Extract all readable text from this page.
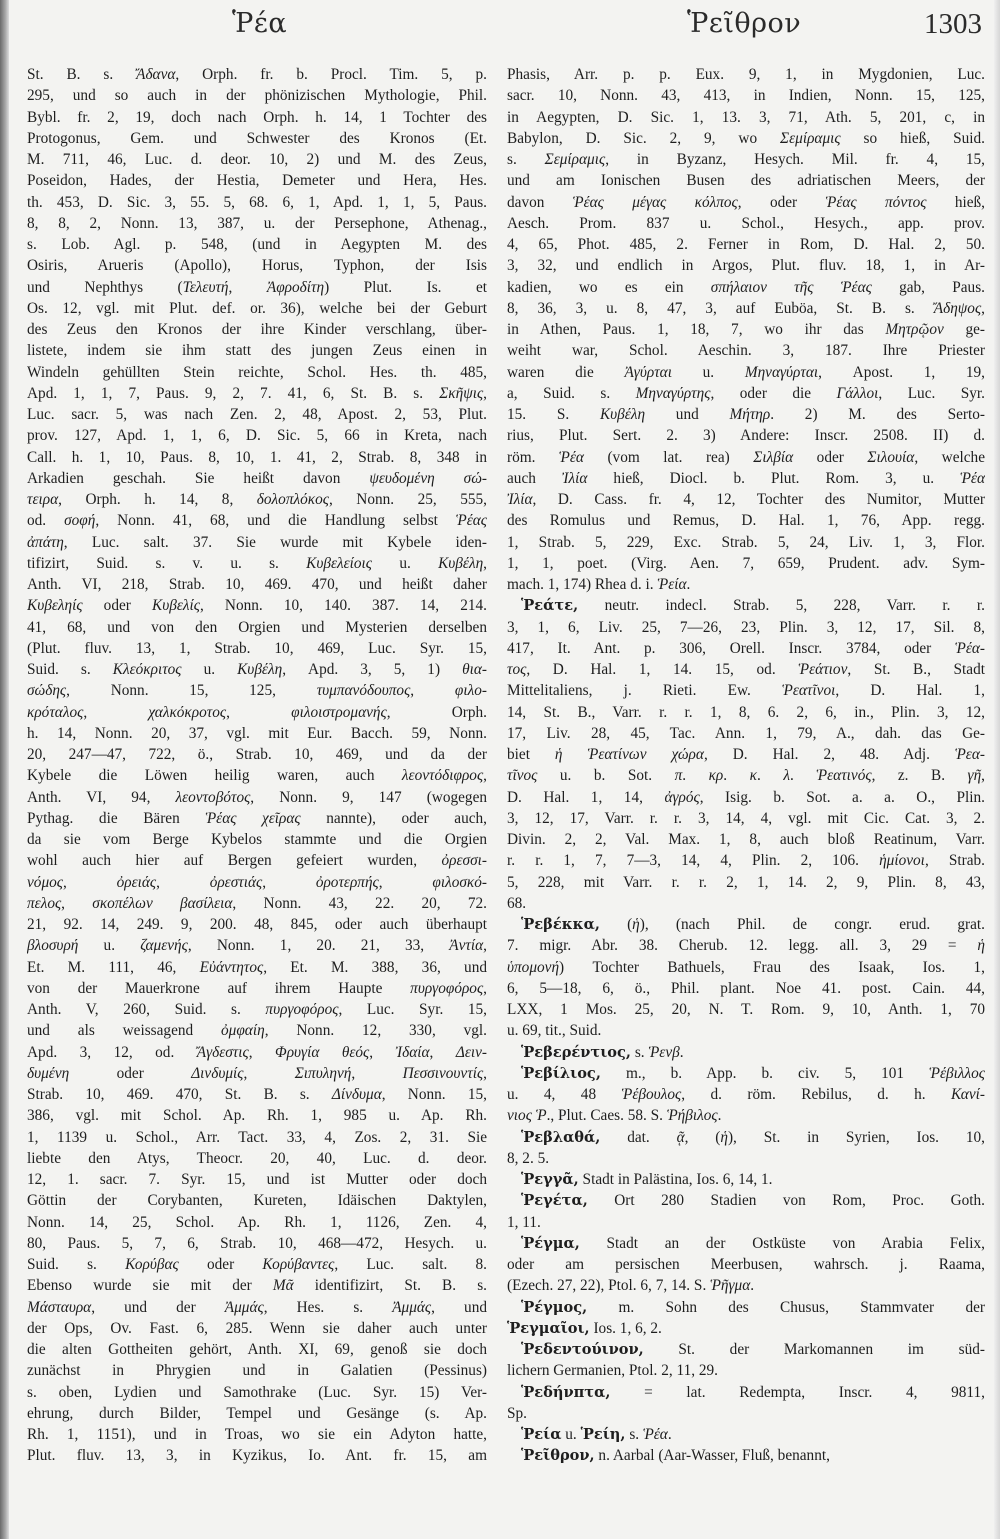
Ῥέα	Ῥεῖθρον	1303
St. B. s. Ἄδανα, Orph. fr. b. Procl. Tim. 5, p.
295, und so auch in der phönizischen Mythologie, Phil.
Bybl. fr. 2, 19, doch nach Orph. h. 14, 1 Tochter des
Protogonus, Gem. und Schwester des Kronos (Et.
M. 711, 46, Luc. d. deor. 10, 2) und M. des Zeus,
Poseidon, Hades, der Hestia, Demeter und Hera, Hes.
th. 453, D. Sic. 3, 55. 5, 68. 6, 1, Apd. 1, 1, 5, Paus.
8, 8, 2, Nonn. 13, 387, u. der Persephone, Athenag.,
s. Lob. Agl. p. 548, (und in Aegypten M. des
Osiris, Arueris (Apollo), Horus, Typhon, der Isis
und Nephthys (Τελευτή, Ἀφροδίτη) Plut. Is. et
Os. 12, vgl. mit Plut. def. or. 36), welche bei der Geburt
des Zeus den Kronos der ihre Kinder verschlang, über-
listete, indem sie ihm statt des jungen Zeus einen in
Windeln gehüllten Stein reichte, Schol. Hes. th. 485,
Apd. 1, 1, 7, Paus. 9, 2, 7. 41, 6, St. B. s. Σκῆψις,
Luc. sacr. 5, was nach Zen. 2, 48, Apost. 2, 53, Plut.
prov. 127, Apd. 1, 1, 6, D. Sic. 5, 66 in Kreta, nach
Call. h. 1, 10, Paus. 8, 10, 1. 41, 2, Strab. 8, 348 in
Arkadien geschah. Sie heißt davon ψευδομένη σώ-
τειρα, Orph. h. 14, 8, δολοπλόκος, Nonn. 25, 555,
od. σοφή, Nonn. 41, 68, und die Handlung selbst Ῥέας
ἀπάτη, Luc. salt. 37. Sie wurde mit Kybele iden-
tifizirt, Suid. s. v. u. s. Κυβελείοις u. Κυβέλη,
Anth. VI, 218, Strab. 10, 469. 470, und heißt daher
Κυβεληίς oder Κυβελίς, Nonn. 10, 140. 387. 14, 214.
41, 68, und von den Orgien und Mysterien derselben
(Plut. fluv. 13, 1, Strab. 10, 469, Luc. Syr. 15,
Suid. s. Κλεόκριτος u. Κυβέλη, Apd. 3, 5, 1) θια-
σώδης, Nonn. 15, 125, τυμπανόδουπος, φιλο-
κρόταλος, χαλκόκροτος, φιλοιστρομανής, Orph.
h. 14, Nonn. 20, 37, vgl. mit Eur. Bacch. 59, Nonn.
20, 247—47, 722, ö., Strab. 10, 469, und da der
Kybele die Löwen heilig waren, auch λεοντόδιφρος,
Anth. VI, 94, λεοντοβότος, Nonn. 9, 147 (wogegen
Pythag. die Bären Ῥέας χεῖρας nannte), oder auch,
da sie vom Berge Kybelos stammte und die Orgien
wohl auch hier auf Bergen gefeiert wurden, ὀρεσσι-
νόμος, ὀρειάς, ὀρεστιάς, ὀροτερπής, φιλοσκό-
πελος, σκοπέλων βασίλεια, Nonn. 43, 22. 20, 72.
21, 92. 14, 249. 9, 200. 48, 845, oder auch überhaupt
βλοσυρή u. ζαμενής, Nonn. 1, 20. 21, 33, Ἀντία,
Et. M. 111, 46, Εὐάντητος, Et. M. 388, 36, und
von der Mauerkrone auf ihrem Haupte πυργοφόρος,
Anth. V, 260, Suid. s. πυργοφόρος, Luc. Syr. 15,
und als weissagend ὀμφαίη, Nonn. 12, 330, vgl.
Apd. 3, 12, od. Ἄγδεστις, Φρυγία θεός, Ἰδαία, Δειν-
δυμένη oder Δινδυμίς, Σιπυληνή, Πεσσινουντίς,
Strab. 10, 469. 470, St. B. s. Δίνδυμα, Nonn. 15,
386, vgl. mit Schol. Ap. Rh. 1, 985 u. Ap. Rh.
1, 1139 u. Schol., Arr. Tact. 33, 4, Zos. 2, 31. Sie
liebte den Atys, Theocr. 20, 40, Luc. d. deor.
12, 1. sacr. 7. Syr. 15, und ist Mutter oder doch
Göttin der Corybanten, Kureten, Idäischen Daktylen,
Nonn. 14, 25, Schol. Ap. Rh. 1, 1126, Zen. 4,
80, Paus. 5, 7, 6, Strab. 10, 468—472, Hesych. u.
Suid. s. Κορύβας oder Κορύβαντες, Luc. salt. 8.
Ebenso wurde sie mit der Μᾶ identifizirt, St. B. s.
Μάσταυρα, und der Ἀμμάς, Hes. s. Ἀμμάς, und
der Ops, Ov. Fast. 6, 285. Wenn sie daher auch unter
die alten Gottheiten gehört, Anth. XI, 69, genoß sie doch
zunächst in Phrygien und in Galatien (Pessinus)
s. oben, Lydien und Samothrake (Luc. Syr. 15) Ver-
ehrung, durch Bilder, Tempel und Gesänge (s. Ap.
Rh. 1, 1151), und in Troas, wo sie ein Adyton hatte,
Plut. fluv. 13, 3, in Kyzikus, Io. Ant. fr. 15, am
Phasis, Arr. p. p. Eux. 9, 1, in Mygdonien, Luc.
sacr. 10, Nonn. 43, 413, in Indien, Nonn. 15, 125,
in Aegypten, D. Sic. 1, 13. 3, 71, Ath. 5, 201, c, in
Babylon, D. Sic. 2, 9, wo Σεμίραμις so hieß, Suid.
s. Σεμίραμις, in Byzanz, Hesych. Mil. fr. 4, 15,
und am Ionischen Busen des adriatischen Meers, der
davon Ῥέας μέγας κόλπος, oder Ῥέας πόντος hieß,
Aesch. Prom. 837 u. Schol., Hesych., app. prov.
4, 65, Phot. 485, 2. Ferner in Rom, D. Hal. 2, 50.
3, 32, und endlich in Argos, Plut. fluv. 18, 1, in Ar-
kadien, wo es ein σπήλαιον τῆς Ῥέας gab, Paus.
8, 36, 3, u. 8, 47, 3, auf Euböa, St. B. s. Ἄδηψος,
in Athen, Paus. 1, 18, 7, wo ihr das Μητρῷον ge-
weiht war, Schol. Aeschin. 3, 187. Ihre Priester
waren die Ἀγύρται u. Μηναγύρται, Apost. 1, 19,
a, Suid. s. Μηναγύρτης, oder die Γάλλοι, Luc. Syr.
15. S. Κυβέλη und Μήτηρ. 2) M. des Serto-
rius, Plut. Sert. 2. 3) Andere: Inscr. 2508. II) d.
röm. Ῥέα (vom lat. rea) Σιλβία oder Σιλουία, welche
auch Ἰλία hieß, Diocl. b. Plut. Rom. 3, u. Ῥέα
Ἰλία, D. Cass. fr. 4, 12, Tochter des Numitor, Mutter
des Romulus und Remus, D. Hal. 1, 76, App. regg.
1, Strab. 5, 229, Exc. Strab. 5, 24, Liv. 1, 3, Flor.
1, 1, poet. (Virg. Aen. 7, 659, Prudent. adv. Sym-
mach. 1, 174) Rhea d. i. Ῥεία.
Ῥεάτε, neutr. indecl. Strab. 5, 228, Varr. r. r.
3, 1, 6, Liv. 25, 7—26, 23, Plin. 3, 12, 17, Sil. 8,
417, It. Ant. p. 306, Orell. Inscr. 3784, oder Ῥέα-
τος, D. Hal. 1, 14. 15, od. Ῥεάτιον, St. B., Stadt
Mittelitaliens, j. Rieti. Ew. Ῥεατῖνοι, D. Hal. 1,
14, St. B., Varr. r. r. 1, 8, 6. 2, 6, in., Plin. 3, 12,
17, Liv. 28, 45, Tac. Ann. 1, 79, A., dah. das Ge-
biet ἡ Ῥεατίνων χώρα, D. Hal. 2, 48. Adj. Ῥεα-
τῖνος u. b. Sot. π. κρ. κ. λ. Ῥεατινός, z. B. γῆ,
D. Hal. 1, 14, ἀγρός, Isig. b. Sot. a. a. O., Plin.
3, 12, 17, Varr. r. r. 3, 14, 4, vgl. mit Cic. Cat. 3, 2.
Divin. 2, 2, Val. Max. 1, 8, auch bloß Reatinum, Varr.
r. r. 1, 7, 7—3, 14, 4, Plin. 2, 106. ἡμίονοι, Strab.
5, 228, mit Varr. r. r. 2, 1, 14. 2, 9, Plin. 8, 43,
68.
Ῥεβέκκα, (ἡ), (nach Phil. de congr. erud. grat.
7. migr. Abr. 38. Cherub. 12. legg. all. 3, 29 = ἡ
ὑπομονή) Tochter Bathuels, Frau des Isaak, Ios. 1,
6, 5—18, 6, ö., Phil. plant. Noe 41. post. Cain. 44,
LXX, 1 Mos. 25, 20, N. T. Rom. 9, 10, Anth. 1, 70
u. 69, tit., Suid.
Ῥεβερέντιος, s. Ῥενβ.
Ῥεβίλιος, m., b. App. b. civ. 5, 101 Ῥέβιλλος
u. 4, 48 Ῥέβουλος, d. röm. Rebilus, d. h. Κανί-
νιος Ῥ., Plut. Caes. 58. S. Ῥήβιλος.
Ῥεβλαθά, dat. ᾷ, (ἡ), St. in Syrien, Ios. 10,
8, 2. 5.
Ῥεγγᾶ, Stadt in Palästina, Ios. 6, 14, 1.
Ῥεγέτα, Ort 280 Stadien von Rom, Proc. Goth.
1, 11.
Ῥέγμα, Stadt an der Ostküste von Arabia Felix,
oder am persischen Meerbusen, wahrsch. j. Raama,
(Ezech. 27, 22), Ptol. 6, 7, 14. S. Ῥῆγμα.
Ῥέγμος, m. Sohn des Chusus, Stammvater der
Ῥεγμαῖοι, Ios. 1, 6, 2.
Ῥεδεντούινον, St. der Markomannen im süd-
lichern Germanien, Ptol. 2, 11, 29.
Ῥεδήνπτα, = lat. Redempta, Inscr. 4, 9811,
Sp.
Ῥεία u. Ῥείη, s. Ῥέα.
Ῥεῖθρον, n. Aarbal (Aar-Wasser, Fluß, benannt,
